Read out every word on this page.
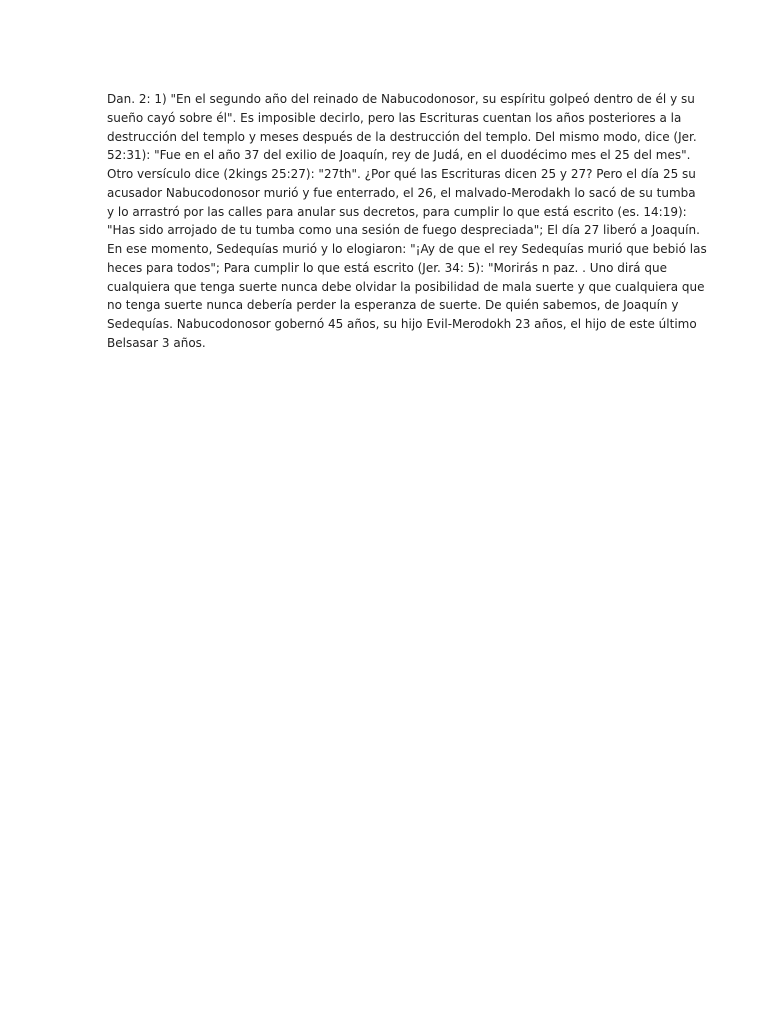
Dan. 2: 1) "En el segundo año del reinado de Nabucodonosor, su espíritu golpeó dentro de él y su
sueño cayó sobre él". Es imposible decirlo, pero las Escrituras cuentan los años posteriores a la
destrucción del templo y meses después de la destrucción del templo. Del mismo modo, dice (Jer.
52:31): "Fue en el año 37 del exilio de Joaquín, rey de Judá, en el duodécimo mes el 25 del mes".
Otro versículo dice (2kings 25:27): "27th". ¿Por qué las Escrituras dicen 25 y 27? Pero el día 25 su
acusador Nabucodonosor murió y fue enterrado, el 26, el malvado-Merodakh lo sacó de su tumba
y lo arrastró por las calles para anular sus decretos, para cumplir lo que está escrito (es. 14:19):
"Has sido arrojado de tu tumba como una sesión de fuego despreciada"; El día 27 liberó a Joaquín.
En ese momento, Sedequías murió y lo elogiaron: "¡Ay de que el rey Sedequías murió que bebió las
heces para todos"; Para cumplir lo que está escrito (Jer. 34: 5): "Morirás n paz. . Uno dirá que
cualquiera que tenga suerte nunca debe olvidar la posibilidad de mala suerte y que cualquiera que
no tenga suerte nunca debería perder la esperanza de suerte. De quién sabemos, de Joaquín y
Sedequías. Nabucodonosor gobernó 45 años, su hijo Evil-Merodokh 23 años, el hijo de este último
Belsasar 3 años.
